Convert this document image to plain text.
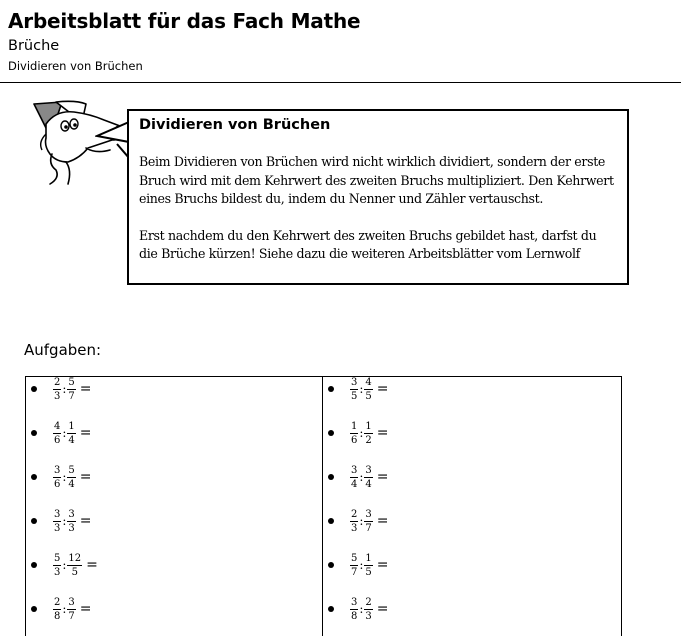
Arbeitsblatt für das Fach Mathe
Brüche
Dividieren von Brüchen
Dividieren von Brüchen

Beim Dividieren von Brüchen wird nicht wirklich dividiert, sondern der erste Bruch wird mit dem Kehrwert des zweiten Bruchs multipliziert. Den Kehrwert eines Bruchs bildest du, indem du Nenner und Zähler vertauschst.

Erst nachdem du den Kehrwert des zweiten Bruchs gebildet hast, darfst du die Brüche kürzen! Siehe dazu die weiteren Arbeitsblätter vom Lernwolf

Aufgaben:
$\frac{2}{3}$ : $\frac{5}{7}$ =
$\frac{4}{6}$ : $\frac{1}{4}$ =
$\frac{3}{6}$ : $\frac{5}{4}$ =
$\frac{3}{3}$ : $\frac{3}{3}$ =
$\frac{5}{3}$ : $\frac{12}{5}$ =
$\frac{2}{8}$ : $\frac{3}{7}$ =
$\frac{3}{5}$ : $\frac{4}{5}$ =
$\frac{1}{6}$ : $\frac{1}{2}$ =
$\frac{3}{4}$ : $\frac{3}{4}$ =
$\frac{2}{3}$ : $\frac{3}{7}$ =
$\frac{5}{7}$ : $\frac{1}{5}$ =
$\frac{3}{8}$ : $\frac{2}{3}$ =
